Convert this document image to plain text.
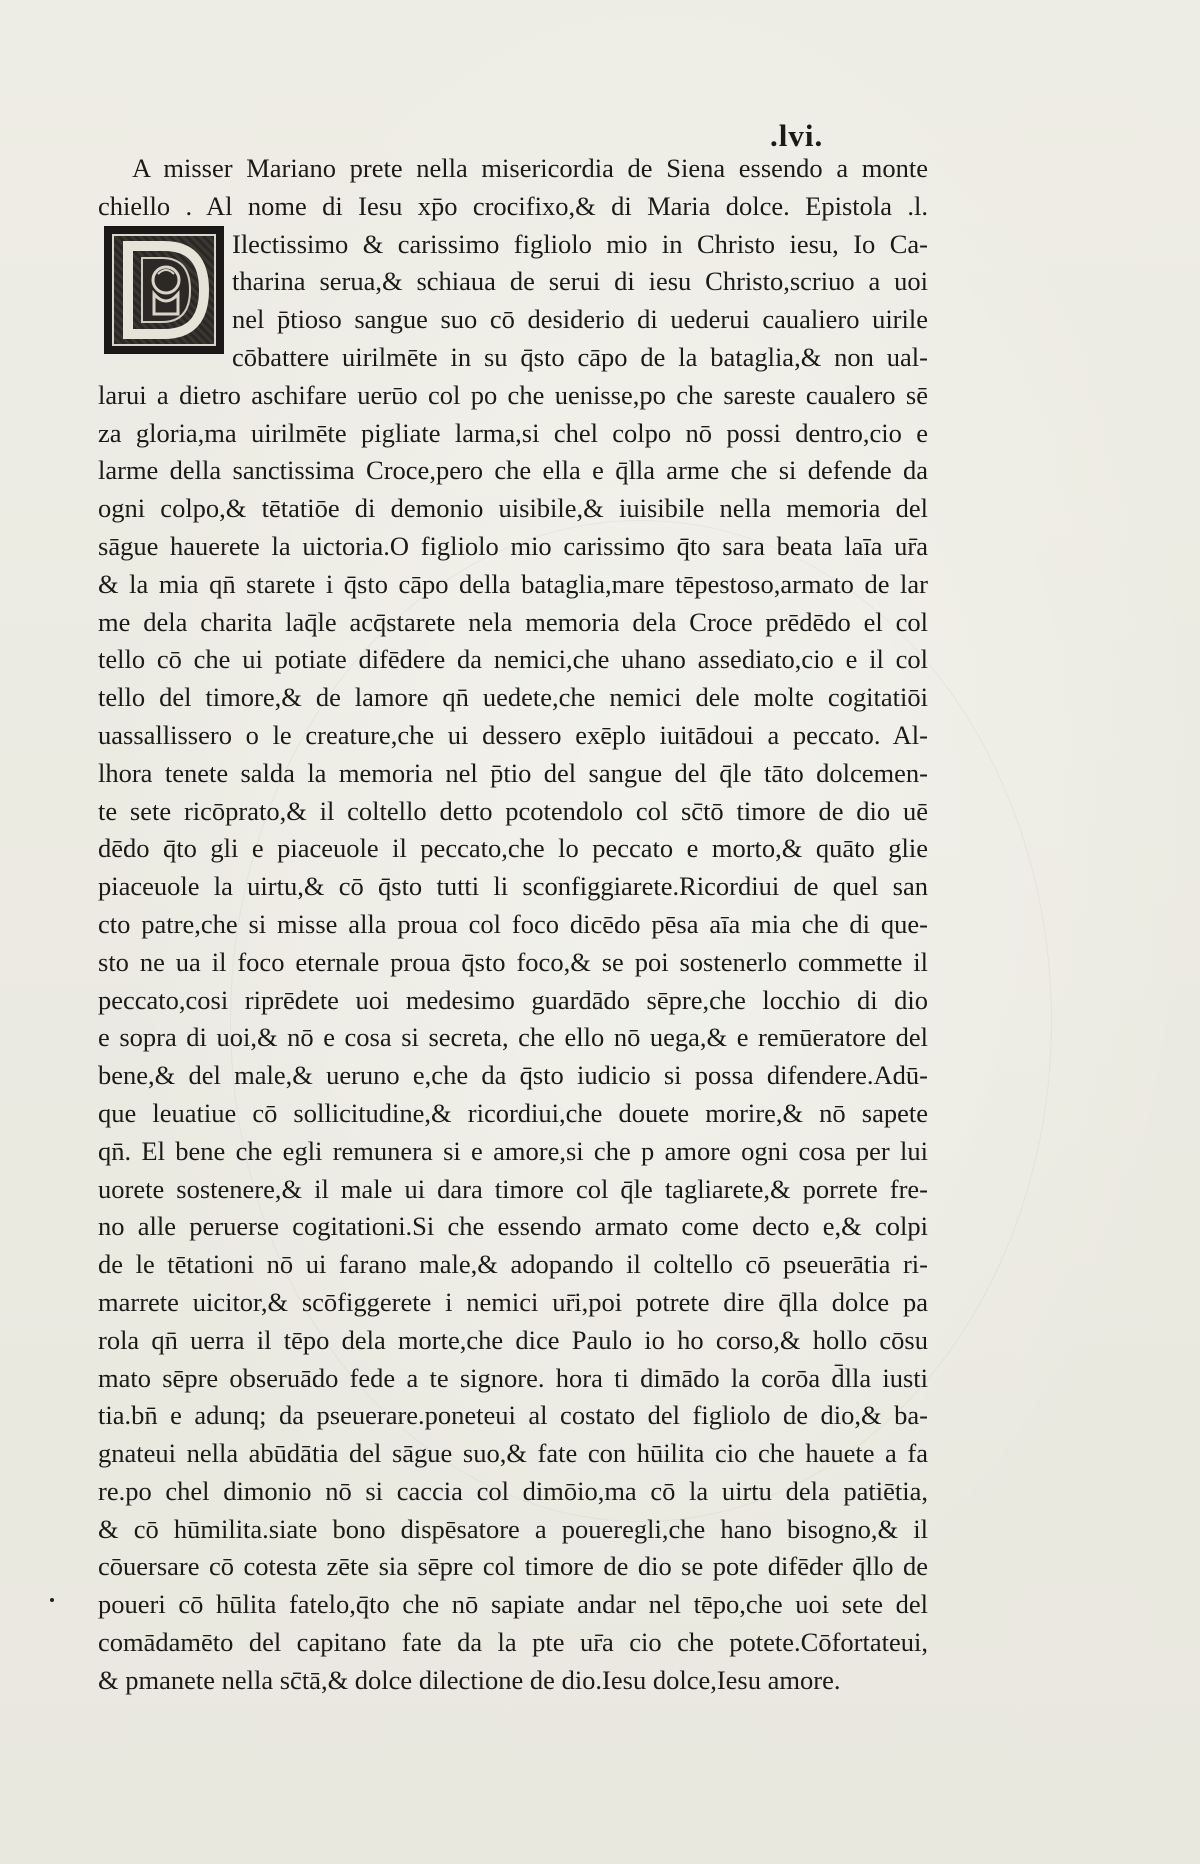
.lvi.
A misser Mariano prete nella misericordia de Siena essendo a monte
chiello . Al nome di Iesu xp̄o crocifixo,& di Maria dolce. Epistola .l.
Ilectissimo & carissimo figliolo mio in Christo iesu, Io Ca-
tharina serua,& schiaua de serui di iesu Christo,scriuo a uoi
nel p̄tioso sangue suo cō desiderio di uederui caualiero uirile
cōbattere uirilmēte in su q̄sto cāpo de la bataglia,& non ual-
larui a dietro aschifare uerūo col po che uenisse,po che sareste caualero sē
za gloria,ma uirilmēte pigliate larma,si chel colpo nō possi dentro,cio e
larme della sanctissima Croce,pero che ella e q̄lla arme che si defende da
ogni colpo,& tētatiōe di demonio uisibile,& iuisibile nella memoria del
sāgue hauerete la uictoria.O figliolo mio carissimo q̄to sara beata laīa ur̄a
& la mia qn̄ starete i q̄sto cāpo della bataglia,mare tēpestoso,armato de lar
me dela charita laq̄le acq̄starete nela memoria dela Croce prēdēdo el col
tello cō che ui potiate difēdere da nemici,che uhano assediato,cio e il col
tello del timore,& de lamore qn̄ uedete,che nemici dele molte cogitatiōi
uassallissero o le creature,che ui dessero exēplo iuitādoui a peccato. Al-
lhora tenete salda la memoria nel p̄tio del sangue del q̄le tāto dolcemen-
te sete ricōprato,& il coltello detto pcotendolo col sc̄tō timore de dio uē
dēdo q̄to gli e piaceuole il peccato,che lo peccato e morto,& quāto glie
piaceuole la uirtu,& cō q̄sto tutti li sconfiggiarete.Ricordiui de quel san
cto patre,che si misse alla proua col foco dicēdo pēsa aīa mia che di que-
sto ne ua il foco eternale proua q̄sto foco,& se poi sostenerlo commette il
peccato,cosi riprēdete uoi medesimo guardādo sēpre,che locchio di dio
e sopra di uoi,& nō e cosa si secreta, che ello nō uega,& e remūeratore del
bene,& del male,& ueruno e,che da q̄sto iudicio si possa difendere.Adū-
que leuatiue cō sollicitudine,& ricordiui,che douete morire,& nō sapete
qn̄. El bene che egli remunera si e amore,si che p amore ogni cosa per lui
uorete sostenere,& il male ui dara timore col q̄le tagliarete,& porrete fre-
no alle peruerse cogitationi.Si che essendo armato come decto e,& colpi
de le tētationi nō ui farano male,& adopando il coltello cō pseuerātia ri-
marrete uicitor,& scōfiggerete i nemici ur̄i,poi potrete dire q̄lla dolce pa
rola qn̄ uerra il tēpo dela morte,che dice Paulo io ho corso,& hollo cōsu
mato sēpre obseruādo fede a te signore. hora ti dimādo la corōa d̄lla iusti
tia.bn̄ e adunq; da pseuerare.poneteui al costato del figliolo de dio,& ba-
gnateui nella abūdātia del sāgue suo,& fate con hūilita cio che hauete a fa
re.po chel dimonio nō si caccia col dimōio,ma cō la uirtu dela patiētia,
& cō hūmilita.siate bono dispēsatore a poueregli,che hano bisogno,& il
cōuersare cō cotesta zēte sia sēpre col timore de dio se pote difēder q̄llo de
poueri cō hūlita fatelo,q̄to che nō sapiate andar nel tēpo,che uoi sete del
comādamēto del capitano fate da la pte ur̄a cio che potete.Cōfortateui,
& pmanete nella sc̄tā,& dolce dilectione de dio.Iesu dolce,Iesu amore.
